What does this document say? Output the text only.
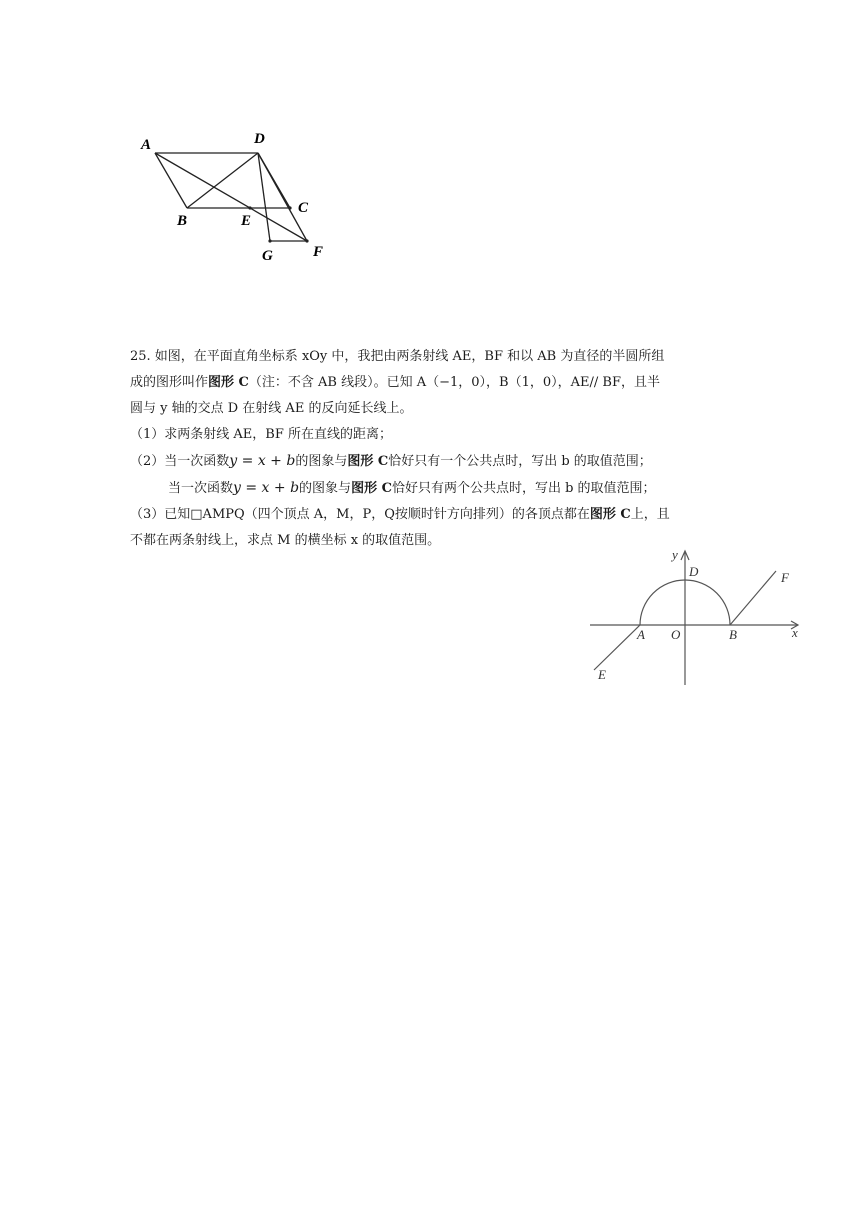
A	D
B	E
C
G	F

25. 如图，在平面直角坐标系 xOy 中，我把由两条射线 AE，BF 和以 AB 为直径的半圆所组

成的图形叫作图形 C（注：不含 AB 线段）。已知 A（−1，0），B（1，0），AE// BF，且半

圆与 y 轴的交点 D 在射线 AE 的反向延长线上。

（1）求两条射线 AE，BF 所在直线的距离；

（2）当一次函数y = x + b的图象与图形 C恰好只有一个公共点时，写出 b 的取值范围；

当一次函数y = x + b的图象与图形 C恰好只有两个公共点时，写出 b 的取值范围；

（3）已知□AMPQ（四个顶点 A，M，P，Q按顺时针方向排列）的各顶点都在图形 C上，且

不都在两条射线上，求点 M 的横坐标 x 的取值范围。

y
D	F
A O	B	x
E
